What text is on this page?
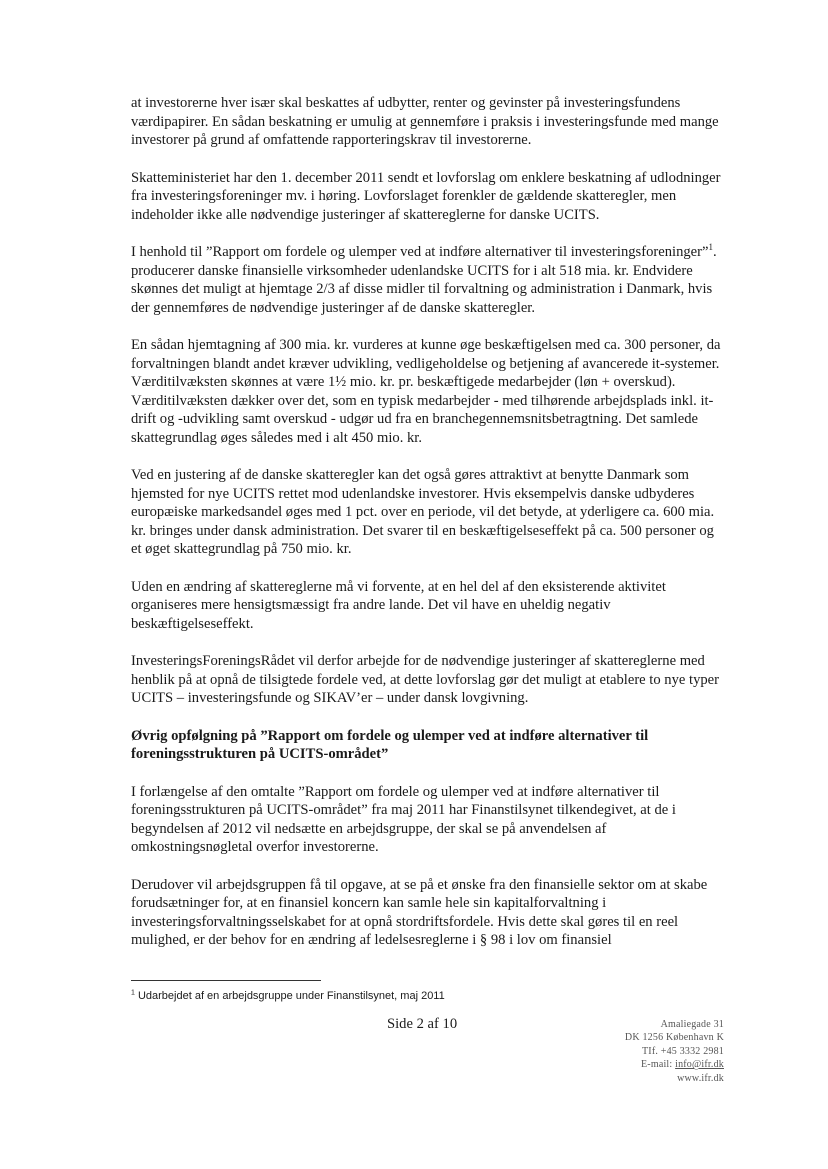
at investorerne hver især skal beskattes af udbytter, renter og gevinster på investeringsfundens værdipapirer. En sådan beskatning er umulig at gennemføre i praksis i investeringsfunde med mange investorer på grund af omfattende rapporteringskrav til investorerne.

Skatteministeriet har den 1. december 2011 sendt et lovforslag om enklere beskatning af udlodninger fra investeringsforeninger mv. i høring. Lovforslaget forenkler de gældende skatteregler, men indeholder ikke alle nødvendige justeringer af skattereglerne for danske UCITS.

I henhold til ”Rapport om fordele og ulemper ved at indføre alternativer til investeringsforeninger”$^1$. producerer danske finansielle virksomheder udenlandske UCITS for i alt 518 mia. kr. Endvidere skønnes det muligt at hjemtage 2/3 af disse midler til forvaltning og administration i Danmark, hvis der gennemføres de nødvendige justeringer af de danske skatteregler.

En sådan hjemtagning af 300 mia. kr. vurderes at kunne øge beskæftigelsen med ca. 300 personer, da forvaltningen blandt andet kræver udvikling, vedligeholdelse og betjening af avancerede it-systemer. Værditilvæksten skønnes at være 1½ mio. kr. pr. beskæftigede medarbejder (løn + overskud). Værditilvæksten dækker over det, som en typisk medarbejder - med tilhørende arbejdsplads inkl. it-drift og -udvikling samt overskud - udgør ud fra en branchegennemsnitsbetragtning. Det samlede skattegrundlag øges således med i alt 450 mio. kr.

Ved en justering af de danske skatteregler kan det også gøres attraktivt at benytte Danmark som hjemsted for nye UCITS rettet mod udenlandske investorer. Hvis eksempelvis danske udbyderes europæiske markedsandel øges med 1 pct. over en periode, vil det betyde, at yderligere ca. 600 mia. kr. bringes under dansk administration. Det svarer til en beskæftigelseseffekt på ca. 500 personer og et øget skattegrundlag på 750 mio. kr.

Uden en ændring af skattereglerne må vi forvente, at en hel del af den eksisterende aktivitet organiseres mere hensigtsmæssigt fra andre lande. Det vil have en uheldig negativ beskæftigelseseffekt.

InvesteringsForeningsRådet vil derfor arbejde for de nødvendige justeringer af skattereglerne med henblik på at opnå de tilsigtede fordele ved, at dette lovforslag gør det muligt at etablere to nye typer UCITS – investeringsfunde og SIKAV’er – under dansk lovgivning.

Øvrig opfølgning på ”Rapport om fordele og ulemper ved at indføre alternativer til foreningsstrukturen på UCITS-området”

I forlængelse af den omtalte ”Rapport om fordele og ulemper ved at indføre alternativer til foreningsstrukturen på UCITS-området” fra maj 2011 har Finanstilsynet tilkendegivet, at de i begyndelsen af 2012 vil nedsætte en arbejdsgruppe, der skal se på anvendelsen af omkostningsnøgletal overfor investorerne.

Derudover vil arbejdsgruppen få til opgave, at se på et ønske fra den finansielle sektor om at skabe forudsætninger for, at en finansiel koncern kan samle hele sin kapitalforvaltning i investeringsforvaltningsselskabet for at opnå stordriftsfordele. Hvis dette skal gøres til en reel mulighed, er der behov for en ændring af ledelsesreglerne i § 98 i lov om finansiel

$^1$ Udarbejdet af en arbejdsgruppe under Finanstilsynet, maj 2011
Side 2 af 10	Amaliegade 31
DK 1256 København K
TIf. +45 3332 2981
E-mail: info@ifr.dk
www.ifr.dk
